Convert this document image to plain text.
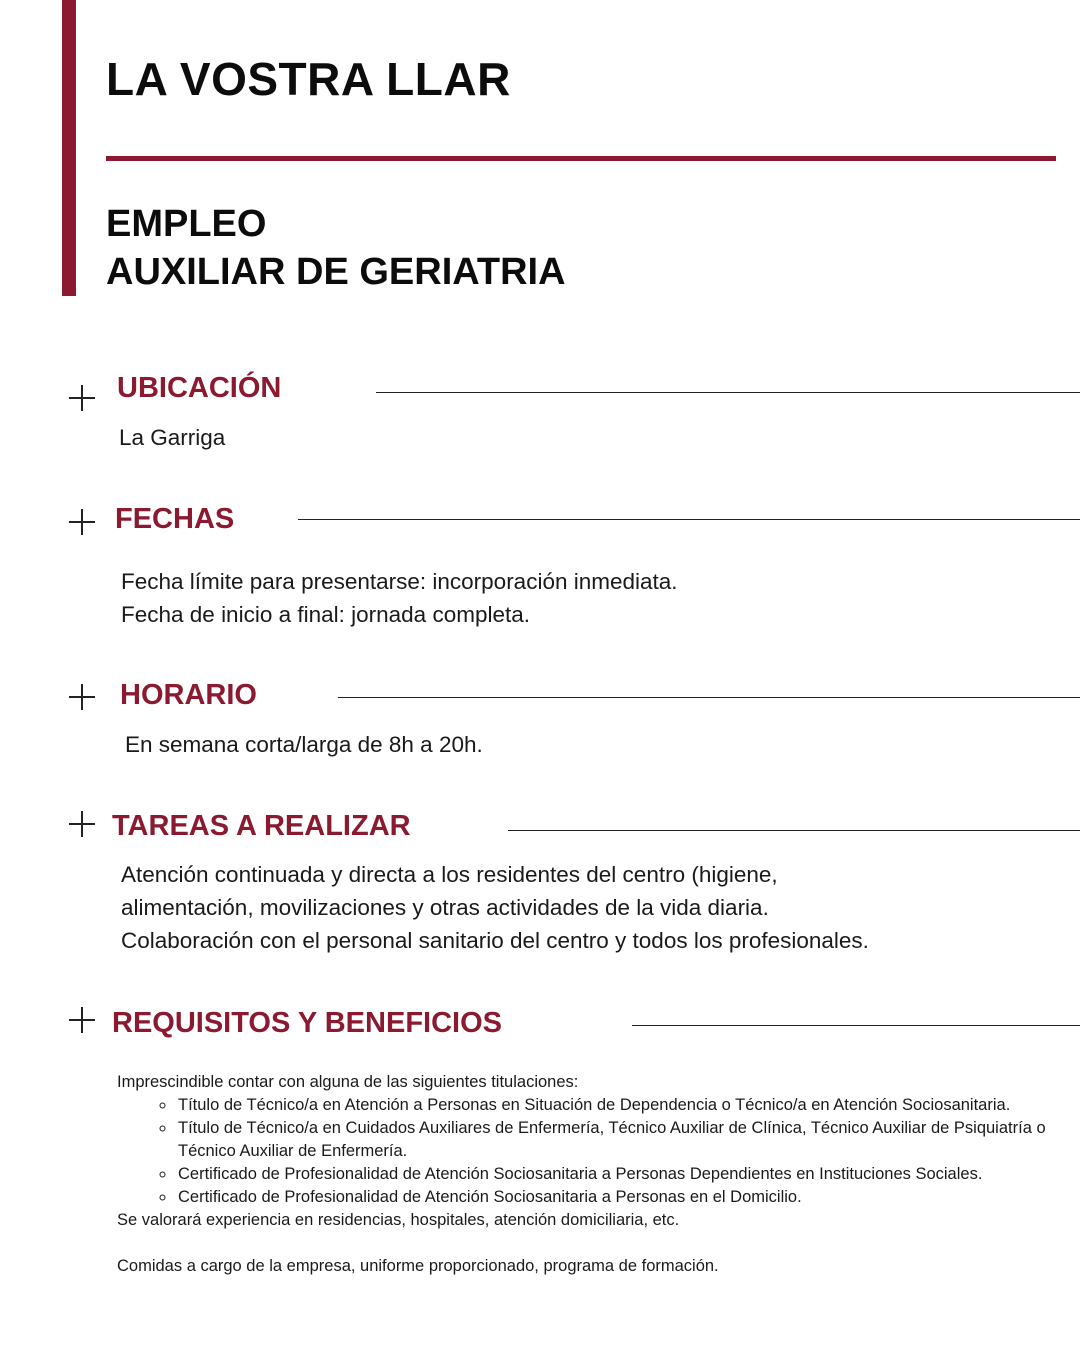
LA VOSTRA LLAR
EMPLEO
AUXILIAR DE GERIATRIA
UBICACIÓN

La Garriga

FECHAS

Fecha límite para presentarse: incorporación inmediata.

Fecha de inicio a final: jornada completa.

HORARIO

En semana corta/larga de 8h a 20h.

TAREAS A REALIZAR

Atención continuada y directa a los residentes del centro (higiene,

alimentación, movilizaciones y otras actividades de la vida diaria.

Colaboración con el personal sanitario del centro y todos los profesionales.

REQUISITOS Y BENEFICIOS

Imprescindible contar con alguna de las siguientes titulaciones:

◦ Título de Técnico/a en Atención a Personas en Situación de Dependencia o Técnico/a en Atención Sociosanitaria.
◦ Título de Técnico/a en Cuidados Auxiliares de Enfermería, Técnico Auxiliar de Clínica, Técnico Auxiliar de Psiquiatría o Técnico Auxiliar de Enfermería.
◦ Certificado de Profesionalidad de Atención Sociosanitaria a Personas Dependientes en Instituciones Sociales.
◦ Certificado de Profesionalidad de Atención Sociosanitaria a Personas en el Domicilio.

Se valorará experiencia en residencias, hospitales, atención domiciliaria, etc.

Comidas a cargo de la empresa, uniforme proporcionado, programa de formación.
